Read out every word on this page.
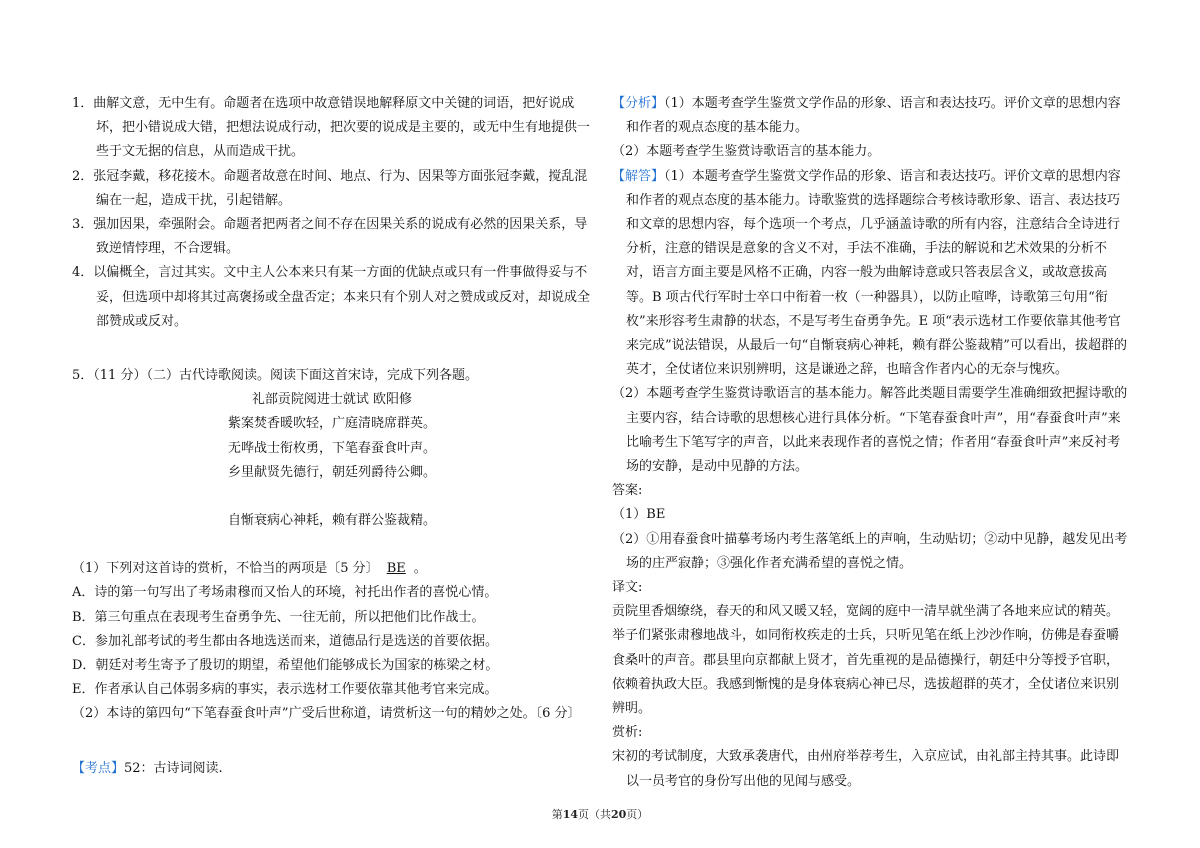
1．曲解文意，无中生有。命题者在选项中故意错误地解释原文中关键的词语，把好说成坏，把小错说成大错，把想法说成行动，把次要的说成是主要的，或无中生有地提供一些于文无据的信息，从而造成干扰。

2．张冠李戴，移花接木。命题者故意在时间、地点、行为、因果等方面张冠李戴，搅乱混编在一起，造成干扰，引起错解。

3．强加因果，牵强附会。命题者把两者之间不存在因果关系的说成有必然的因果关系，导致逆情悖理，不合逻辑。

4．以偏概全，言过其实。文中主人公本来只有某一方面的优缺点或只有一件事做得妥与不妥，但选项中却将其过高褒扬或全盘否定；本来只有个别人对之赞成或反对，却说成全部赞成或反对。

5．（11 分）（二）古代诗歌阅读。阅读下面这首宋诗，完成下列各题。

礼部贡院阅进士就试 欧阳修

紫案焚香暖吹轻，广庭清晓席群英。

无哗战士衔枚勇，下笔春蚕食叶声。

乡里献贤先德行，朝廷列爵待公卿。

自惭衰病心神耗，赖有群公鉴裁精。

（1）下列对这首诗的赏析，不恰当的两项是〔5 分〕 BE 。

A．诗的第一句写出了考场肃穆而又怡人的环境，衬托出作者的喜悦心情。

B．第三句重点在表现考生奋勇争先、一往无前，所以把他们比作战士。

C．参加礼部考试的考生都由各地选送而来，道德品行是选送的首要依据。

D．朝廷对考生寄予了殷切的期望，希望他们能够成长为国家的栋梁之材。

E．作者承认自己体弱多病的事实，表示选材工作要依靠其他考官来完成。

（2）本诗的第四句“下笔春蚕食叶声”广受后世称道，请赏析这一句的精妙之处。〔6 分〕

【考点】52：古诗词阅读.

【分析】（1）本题考查学生鉴赏文学作品的形象、语言和表达技巧。评价文章的思想内容和作者的观点态度的基本能力。

（2）本题考查学生鉴赏诗歌语言的基本能力。

【解答】（1）本题考查学生鉴赏文学作品的形象、语言和表达技巧。评价文章的思想内容和作者的观点态度的基本能力。诗歌鉴赏的选择题综合考核诗歌形象、语言、表达技巧和文章的思想内容，每个选项一个考点，几乎涵盖诗歌的所有内容，注意结合全诗进行分析，注意的错误是意象的含义不对，手法不准确，手法的解说和艺术效果的分析不对，语言方面主要是风格不正确，内容一般为曲解诗意或只答表层含义，或故意拔高等。B 项古代行军时士卒口中衔着一枚（一种器具），以防止喧哗，诗歌第三句用“衔枚”来形容考生肃静的状态，不是写考生奋勇争先。E 项“表示选材工作要依靠其他考官来完成”说法错误，从最后一句“自惭衰病心神耗，赖有群公鉴裁精”可以看出，拔超群的英才，全仗诸位来识别辨明，这是谦逊之辞，也暗含作者内心的无奈与愧疚。

（2）本题考查学生鉴赏诗歌语言的基本能力。解答此类题目需要学生准确细致把握诗歌的主要内容，结合诗歌的思想核心进行具体分析。“下笔春蚕食叶声”，用“春蚕食叶声”来比喻考生下笔写字的声音，以此来表现作者的喜悦之情；作者用“春蚕食叶声”来反衬考场的安静，是动中见静的方法。

答案:

（1）BE

（2）①用春蚕食叶描摹考场内考生落笔纸上的声响，生动贴切；②动中见静，越发见出考场的庄严寂静；③强化作者充满希望的喜悦之情。

译文:

贡院里香烟缭绕，春天的和风又暖又轻，宽阔的庭中一清早就坐满了各地来应试的精英。举子们紧张肃穆地战斗，如同衔枚疾走的士兵，只听见笔在纸上沙沙作响，仿佛是春蚕嚼食桑叶的声音。郡县里向京都献上贤才，首先重视的是品德操行，朝廷中分等授予官职，依赖着执政大臣。我感到惭愧的是身体衰病心神已尽，选拔超群的英才，全仗诸位来识别辨明。

赏析:

宋初的考试制度，大致承袭唐代，由州府举荐考生，入京应试，由礼部主持其事。此诗即以一员考官的身份写出他的见闻与感受。

第14页（共20页）
